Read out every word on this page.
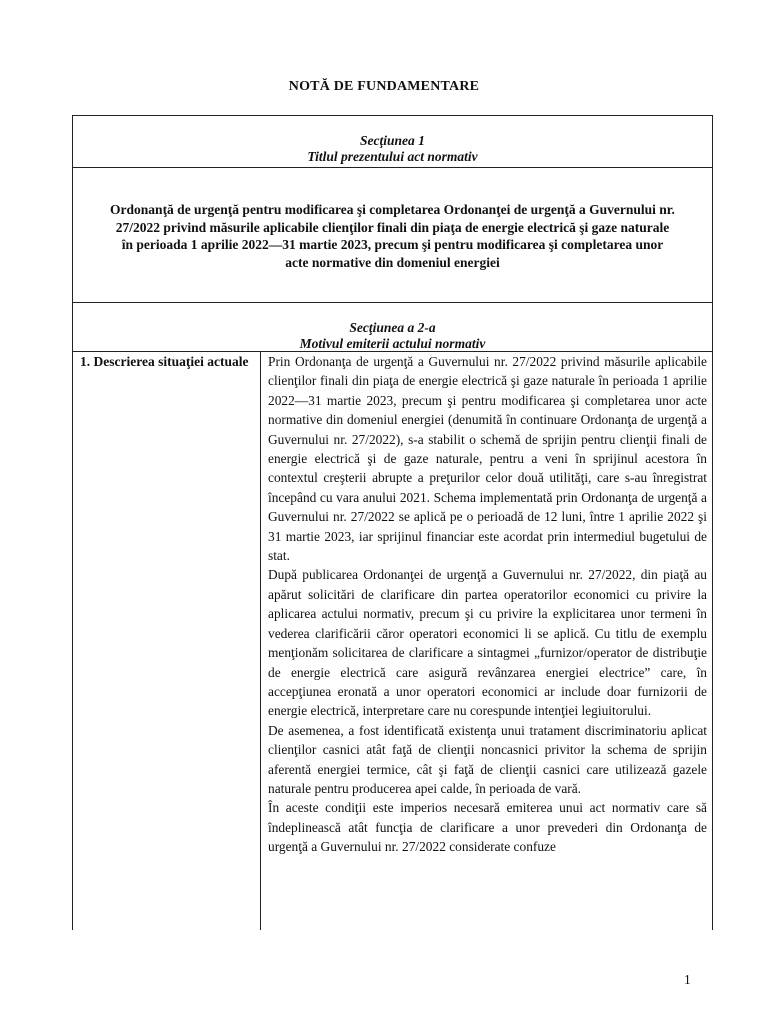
NOTĂ DE FUNDAMENTARE
Secţiunea 1
Titlul prezentului act normativ
Ordonanţă de urgenţă pentru modificarea şi completarea Ordonanţei de urgenţă a Guvernului nr. 27/2022 privind măsurile aplicabile clienţilor finali din piaţa de energie electrică şi gaze naturale în perioada 1 aprilie 2022—31 martie 2023, precum şi pentru modificarea şi completarea unor acte normative din domeniul energiei
Secţiunea a 2-a
Motivul emiterii actului normativ
1. Descrierea situaţiei actuale Prin Ordonanţa de urgenţă a Guvernului nr. 27/2022 privind măsurile aplicabile clienţilor finali din piaţa de energie electrică şi gaze naturale în perioada 1 aprilie 2022—31 martie 2023, precum şi pentru modificarea şi completarea unor acte normative din domeniul energiei (denumită în continuare Ordonanţa de urgenţă a Guvernului nr. 27/2022), s-a stabilit o schemă de sprijin pentru clienţii finali de energie electrică şi de gaze naturale, pentru a veni în sprijinul acestora în contextul creşterii abrupte a preţurilor celor două utilităţi, care s-au înregistrat începând cu vara anului 2021. Schema implementată prin Ordonanţa de urgenţă a Guvernului nr. 27/2022 se aplică pe o perioadă de 12 luni, între 1 aprilie 2022 şi 31 martie 2023, iar sprijinul financiar este acordat prin intermediul bugetului de stat.

După publicarea Ordonanţei de urgenţă a Guvernului nr. 27/2022, din piaţă au apărut solicitări de clarificare din partea operatorilor economici cu privire la aplicarea actului normativ, precum şi cu privire la explicitarea unor termeni în vederea clarificării căror operatori economici li se aplică. Cu titlu de exemplu menţionăm solicitarea de clarificare a sintagmei „furnizor/operator de distribuţie de energie electrică care asigură revânzarea energiei electrice” care, în accepţiunea eronată a unor operatori economici ar include doar furnizorii de energie electrică, interpretare care nu corespunde intenţiei legiuitorului.

De asemenea, a fost identificată existenţa unui tratament discriminatoriu aplicat clienţilor casnici atât faţă de clienţii noncasnici privitor la schema de sprijin aferentă energiei termice, cât şi faţă de clienţii casnici care utilizează gazele naturale pentru producerea apei calde, în perioada de vară.

În aceste condiţii este imperios necesară emiterea unui act normativ care să îndeplinească atât funcţia de clarificare a unor prevederi din Ordonanţa de urgenţă a Guvernului nr. 27/2022 considerate confuze

1
